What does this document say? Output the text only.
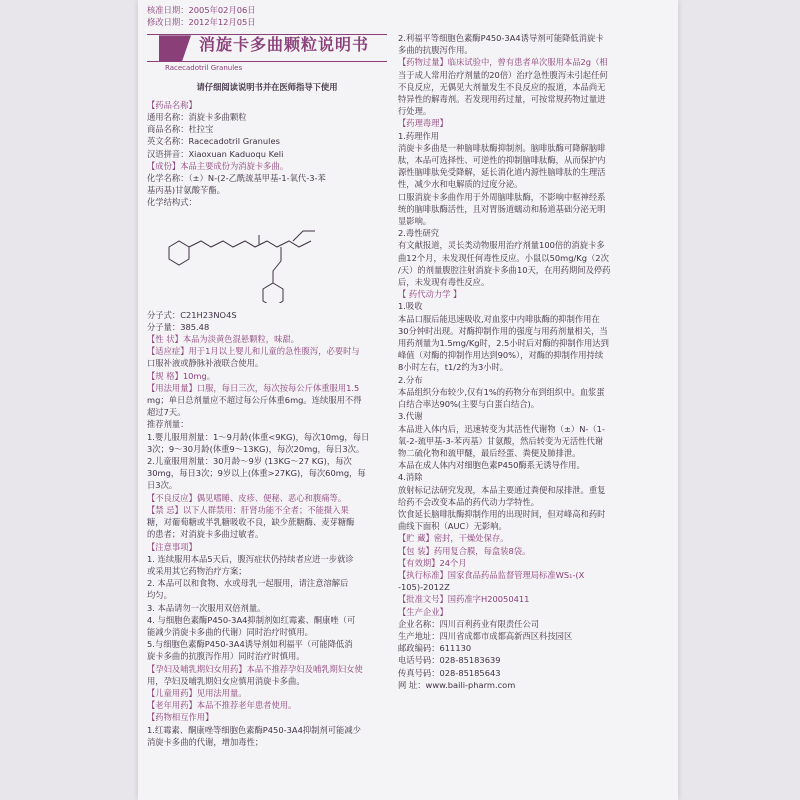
核准日期：2005年02月06日
修改日期：2012年12月05日
消旋卡多曲颗粒说明书
Racecadotril Granules
请仔细阅读说明书并在医师指导下使用
【药品名称】
通用名称：消旋卡多曲颗粒
商品名称：杜拉宝
英文名称：Racecadotril Granules
汉语拼音：Xiaoxuan Kaduoqu Keli
【成份】本品主要成份为消旋卡多曲。
化学名称：（±）N-(2-乙酰巯基甲基-1-氧代-3-苯
基丙基)甘氨酸苄酯。
化学结构式：
分子式：C21H23NO4S
分子量：385.48
【性 状】本品为淡黄色混悬颗粒，味甜。
【适应症】用于1月以上婴儿和儿童的急性腹泻，必要时与
口服补液或静脉补液联合使用。
【规 格】10mg。
【用法用量】口服，每日三次，每次按每公斤体重服用1.5
mg；单日总剂量应不超过每公斤体重6mg。连续服用不得
超过7天。
推荐剂量：
1.婴儿服用剂量：1～9月龄(体重<9KG)，每次10mg，每日
3次；9～30月龄(体重9～13KG)，每次20mg，每日3次。
2.儿童服用剂量：30月龄～9岁 (13KG～27 KG)，每次
30mg，每日3次；9岁以上(体重>27KG)，每次60mg，每
日3次。
【不良反应】偶见嗜睡、皮疹、便秘、恶心和腹痛等。
【禁 忌】以下人群禁用：肝肾功能不全者；不能摄入果
糖，对葡萄糖或半乳糖吸收不良，缺少蔗糖酶、麦芽糖酶
的患者；对消旋卡多曲过敏者。
【注意事项】
1. 连续服用本品5天后，腹泻症状仍持续者应进一步就诊
或采用其它药物治疗方案；
2. 本品可以和食物、水或母乳一起服用，请注意溶解后
均匀。
3. 本品请勿一次服用双倍剂量。
4. 与细胞色素酶P450-3A4抑制剂如红霉素、酮康唑（可
能减少消旋卡多曲的代谢）同时治疗时慎用。
5.与细胞色素酶P450-3A4诱导剂如利福平（可能降低消
旋卡多曲的抗腹泻作用）同时治疗时慎用。
【孕妇及哺乳期妇女用药】本品不推荐孕妇及哺乳期妇女使
用，孕妇及哺乳期妇女应慎用消旋卡多曲。
【儿童用药】见用法用量。
【老年用药】本品不推荐老年患者使用。
【药物相互作用】
1.红霉素、酮康唑等细胞色素酶P450-3A4抑制剂可能减少
消旋卡多曲的代谢，增加毒性；
2.利福平等细胞色素酶P450-3A4诱导剂可能降低消旋卡
多曲的抗腹泻作用。
【药物过量】临床试验中，曾有患者单次服用本品2g（相
当于成人常用治疗剂量的20倍）治疗急性腹泻未引起任何
不良反应，无偶见大剂量发生不良反应的报道，本品尚无
特异性的解毒剂。若发现用药过量，可按常规药物过量进
行处理。
【药理毒理】
1.药理作用
消旋卡多曲是一种脑啡肽酶抑制剂。脑啡肽酶可降解脑啡
肽，本品可选择性、可逆性的抑制脑啡肽酶，从而保护内
源性脑啡肽免受降解，延长消化道内源性脑啡肽的生理活
性，减少水和电解质的过度分泌。
口服消旋卡多曲作用于外周脑啡肽酶，不影响中枢神经系
统的脑啡肽酶活性，且对胃肠道蠕动和肠道基础分泌无明
显影响。
2.毒性研究
有文献报道，灵长类动物服用治疗剂量100倍的消旋卡多
曲12个月，未发现任何毒性反应。小鼠以50mg/Kg（2次
/天）的剂量腹腔注射消旋卡多曲10天，在用药期间及停药
后，未发现有毒性反应。
【 药代动力学 】
1.吸收
本品口服后能迅速吸收,对血浆中内啡肽酶的抑制作用在
30分钟时出现。对酶抑制作用的强度与用药剂量相关，当
用药剂量为1.5mg/Kg时，2.5小时后对酶的抑制作用达到
峰值（对酶的抑制作用达到90%），对酶的抑制作用持续
8小时左右，t1/2约为3小时。
2.分布
本品组织分布较少,仅有1%的药物分布到组织中。血浆蛋
白结合率达90%(主要与白蛋白结合)。
3.代谢
本品进入体内后，迅速转变为其活性代谢物（±）N-（1-
氧-2-巯甲基-3-苯丙基）甘氨酸，然后转变为无活性代谢
物二硫化物和巯甲醚，最后经蛋、粪便及肺排泄。
本品在成人体内对细胞色素P450酶系无诱导作用。
4.消除
放射标记法研究发现，本品主要通过粪便和尿排泄。重复
给药不会改变本品的药代动力学特性。
饮食延长脑啡肽酶抑制作用的出现时间，但对峰高和药时
曲线下面积（AUC）无影响。
【贮 藏】密封，干燥处保存。
【包 装】药用复合膜，每盒装8袋。
【有效期】24个月
【执行标准】国家食品药品监督管理局标准WS₁-(X
-105)-2012Z
【批准文号】国药准字H20050411
【生产企业】
企业名称：四川百利药业有限责任公司
生产地址：四川省成都市成都高新西区科技园区
邮政编码：611130
电话号码：028-85183639
传真号码：028-85185643
网 址：www.baili-pharm.com
